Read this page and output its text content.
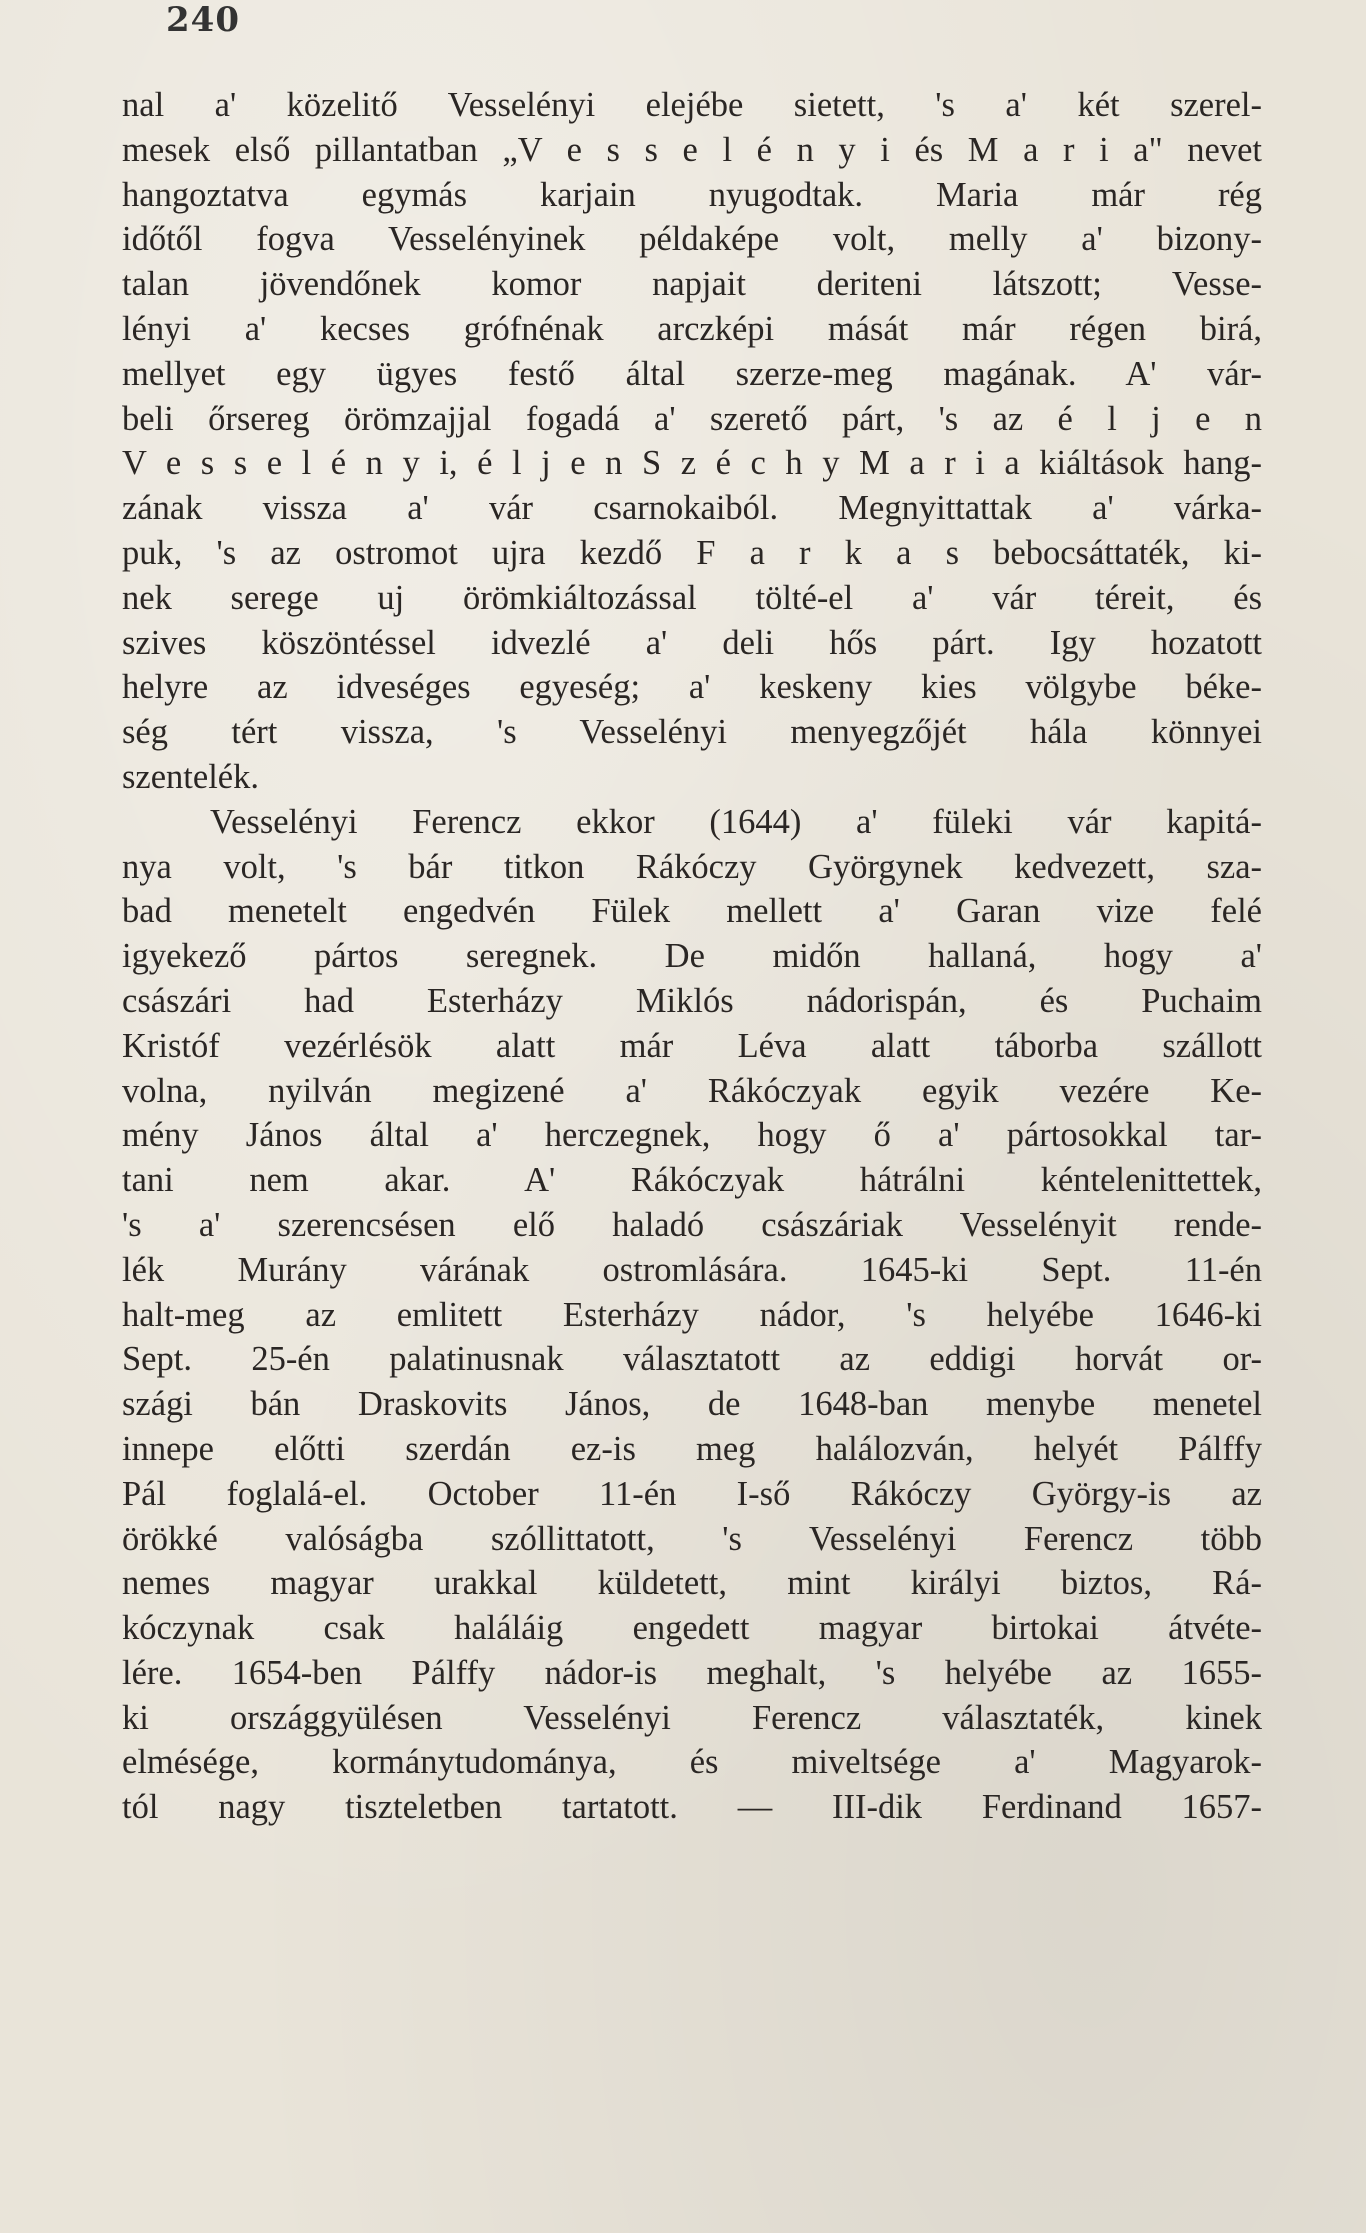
240
nal a' közelitő Vesselényi elejébe sietett, 's a' két szerel-
mesek első pillantatban „V e s s e l é n y i és M a r i a" nevet
hangoztatva egymás karjain nyugodtak. Maria már rég
időtől fogva Vesselényinek példaképe volt, melly a' bizony-
talan jövendőnek komor napjait deriteni látszott; Vesse-
lényi a' kecses grófnénak arczképi mását már régen birá,
mellyet egy ügyes festő által szerze-meg magának. A' vár-
beli őrsereg örömzajjal fogadá a' szerető párt, 's az é l j e n
V e s s e l é n y i, é l j e n S z é c h y M a r i a kiáltások hang-
zának vissza a' vár csarnokaiból. Megnyittattak a' várka-
puk, 's az ostromot ujra kezdő F a r k a s bebocsáttaték, ki-
nek serege uj örömkiáltozással tölté-el a' vár téreit, és
szives köszöntéssel idvezlé a' deli hős párt. Igy hozatott
helyre az idveséges egyeség; a' keskeny kies völgybe béke-
ség tért vissza, 's Vesselényi menyegzőjét hála könnyei
szentelék.
Vesselényi Ferencz ekkor (1644) a' füleki vár kapitá-
nya volt, 's bár titkon Rákóczy Györgynek kedvezett, sza-
bad menetelt engedvén Fülek mellett a' Garan vize felé
igyekező pártos seregnek. De midőn hallaná, hogy a'
császári had Esterházy Miklós nádorispán, és Puchaim
Kristóf vezérlésök alatt már Léva alatt táborba szállott
volna, nyilván megizené a' Rákóczyak egyik vezére Ke-
mény János által a' herczegnek, hogy ő a' pártosokkal tar-
tani nem akar. A' Rákóczyak hátrálni kéntelenittettek,
's a' szerencsésen elő haladó császáriak Vesselényit rende-
lék Murány várának ostromlására. 1645-ki Sept. 11-én
halt-meg az emlitett Esterházy nádor, 's helyébe 1646-ki
Sept. 25-én palatinusnak választatott az eddigi horvát or-
szági bán Draskovits János, de 1648-ban menybe menetel
innepe előtti szerdán ez-is meg halálozván, helyét Pálffy
Pál foglalá-el. October 11-én I-ső Rákóczy György-is az
örökké valóságba szóllittatott, 's Vesselényi Ferencz több
nemes magyar urakkal küldetett, mint királyi biztos, Rá-
kóczynak csak haláláig engedett magyar birtokai átvéte-
lére. 1654-ben Pálffy nádor-is meghalt, 's helyébe az 1655-
ki országgyülésen Vesselényi Ferencz választaték, kinek
elmésége, kormánytudománya, és miveltsége a' Magyarok-
tól nagy tiszteletben tartatott. — III-dik Ferdinand 1657-
